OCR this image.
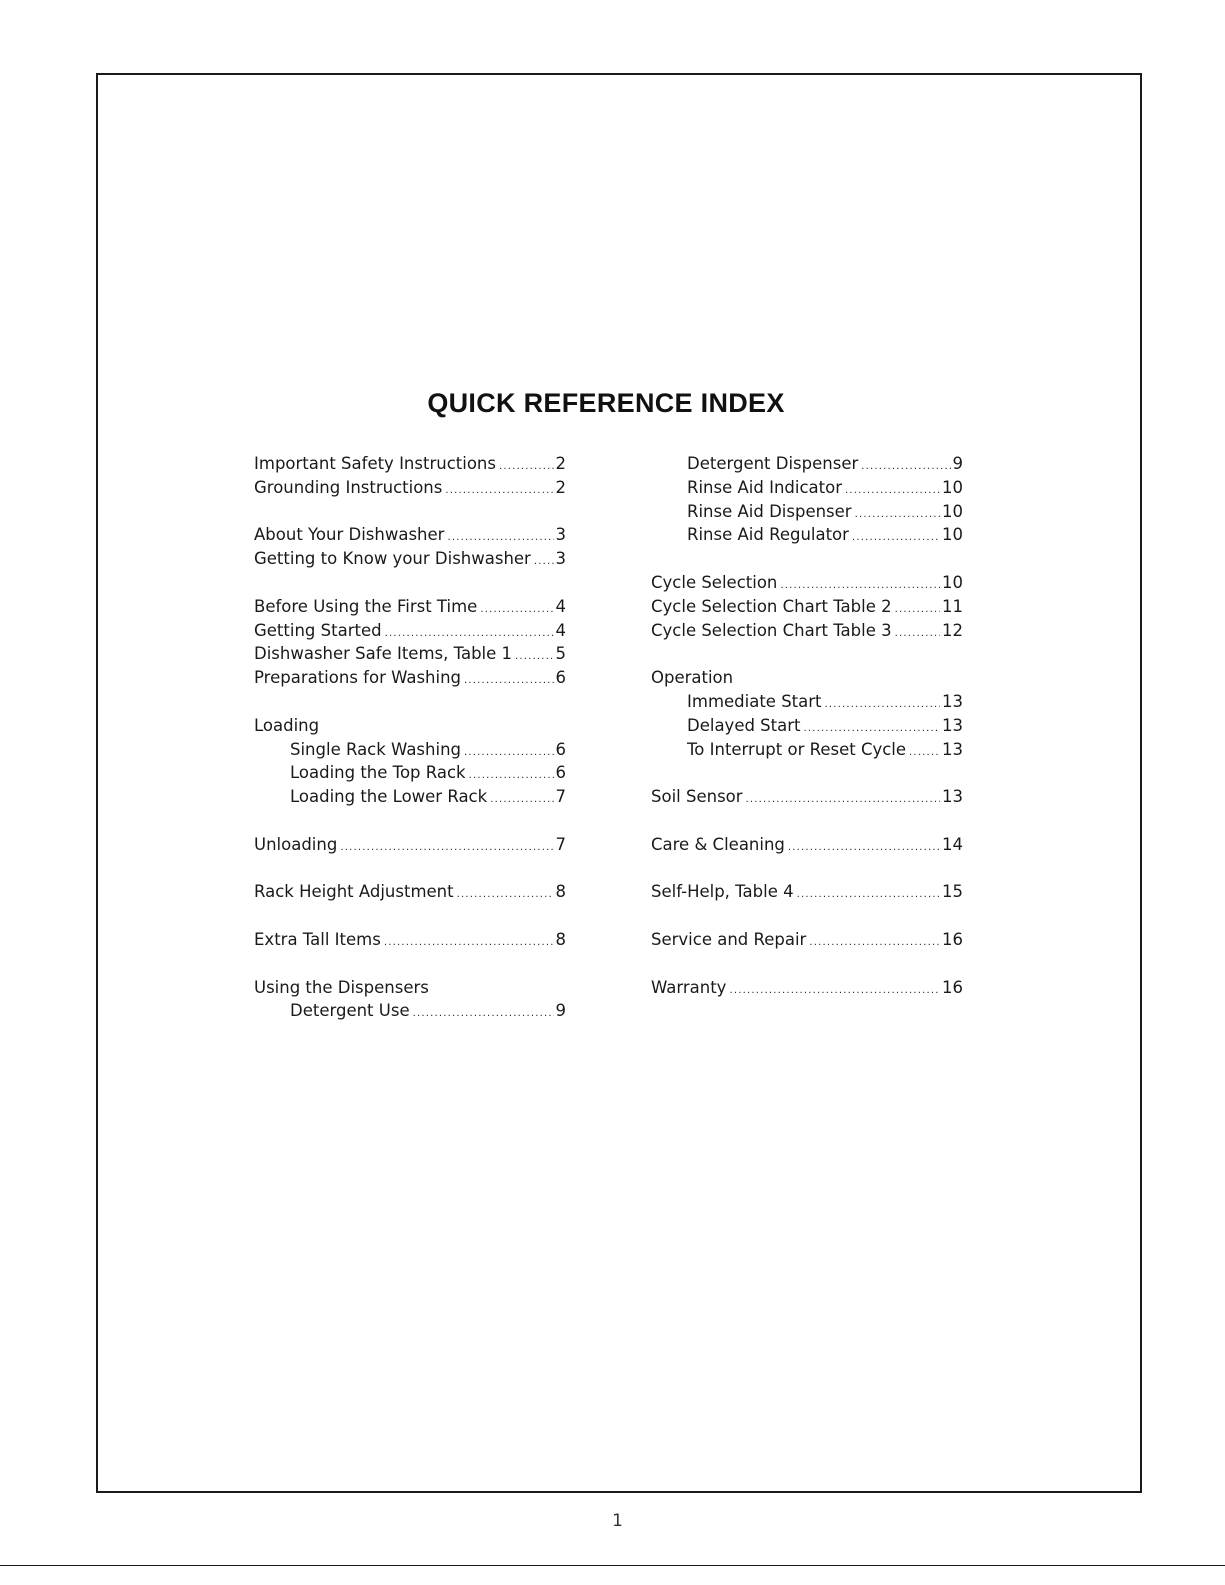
QUICK REFERENCE INDEX
Important Safety Instructions .....	2
Grounding Instructions .....	2
About Your Dishwasher .....	3
Getting to Know your Dishwasher ..... 3
Before Using the First Time .....	4
Getting Started .....	4
Dishwasher Safe Items, Table 1 .....	5
Preparations for Washing .....	6
Loading
Single Rack Washing .....	6
Loading the Top Rack .....	6
Loading the Lower Rack .....	7
Unloading .....	7
Rack Height Adjustment .....	8
Extra Tall Items .....	8
Using the Dispensers
Detergent Use .....	9
Detergent Dispenser .....	9
Rinse Aid Indicator .....	10
Rinse Aid Dispenser .....	10
Rinse Aid Regulator .....	10
Cycle Selection .....	10
Cycle Selection Chart Table 2 .....	11
Cycle Selection Chart Table 3 .....	12
Operation
Immediate Start .....	13
Delayed Start .....	13
To Interrupt or Reset Cycle ..... 13
Soil Sensor .....	13
Care & Cleaning .....	14
Self-Help, Table 4 .....	15
Service and Repair .....	16
Warranty .....	16
1
